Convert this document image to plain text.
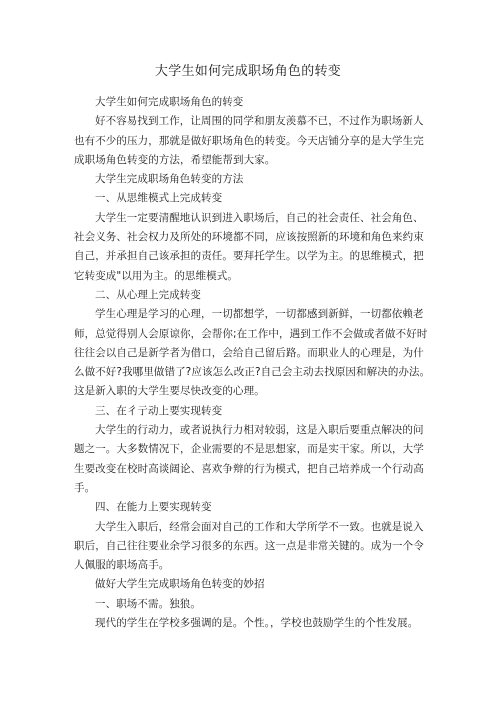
大学生如何完成职场角色的转变
大学生如何完成职场角色的转变
好不容易找到工作，让周围的同学和朋友羡慕不已，不过作为职场新人
也有不少的压力，那就是做好职场角色的转变。今天店铺分享的是大学生完
成职场角色转变的方法，希望能帮到大家。
大学生完成职场角色转变的方法
一、从思维模式上完成转变
大学生一定要清醒地认识到进入职场后，自己的社会责任、社会角色、
社会义务、社会权力及所处的环境都不同，应该按照新的环境和角色来约束
自己，并承担自己该承担的责任。要拜托学生。以学为主。的思维模式，把
它转变成"以用为主。的思维模式。
二、从心理上完成转变
学生心理是学习的心理，一切都想学，一切都感到新鲜，一切都依赖老
师，总觉得别人会原谅你，会帮你;在工作中，遇到工作不会做或者做不好时
往往会以自己是新学者为借口，会给自己留后路。而职业人的心理是，为什
么做不好?我哪里做错了?应该怎么改正?自己会主动去找原因和解决的办法。
这是新入职的大学生要尽快改变的心理。
三、在彳亍动上要实现转变
大学生的行动力，或者说执行力相对较弱，这是入职后要重点解决的问
题之一。大多数情况下，企业需要的不是思想家，而是实干家。所以，大学
生要改变在校时高谈阔论、喜欢争辩的行为模式，把自己培养成一个行动高
手。
四、在能力上要实现转变
大学生入职后，经常会面对自己的工作和大学所学不一致。也就是说入
职后，自己往往要业余学习很多的东西。这一点是非常关键的。成为一个令
人佩服的职场高手。
做好大学生完成职场角色转变的妙招
一、职场不需。独狼。
现代的学生在学校多强调的是。个性。，学校也鼓励学生的个性发展。
